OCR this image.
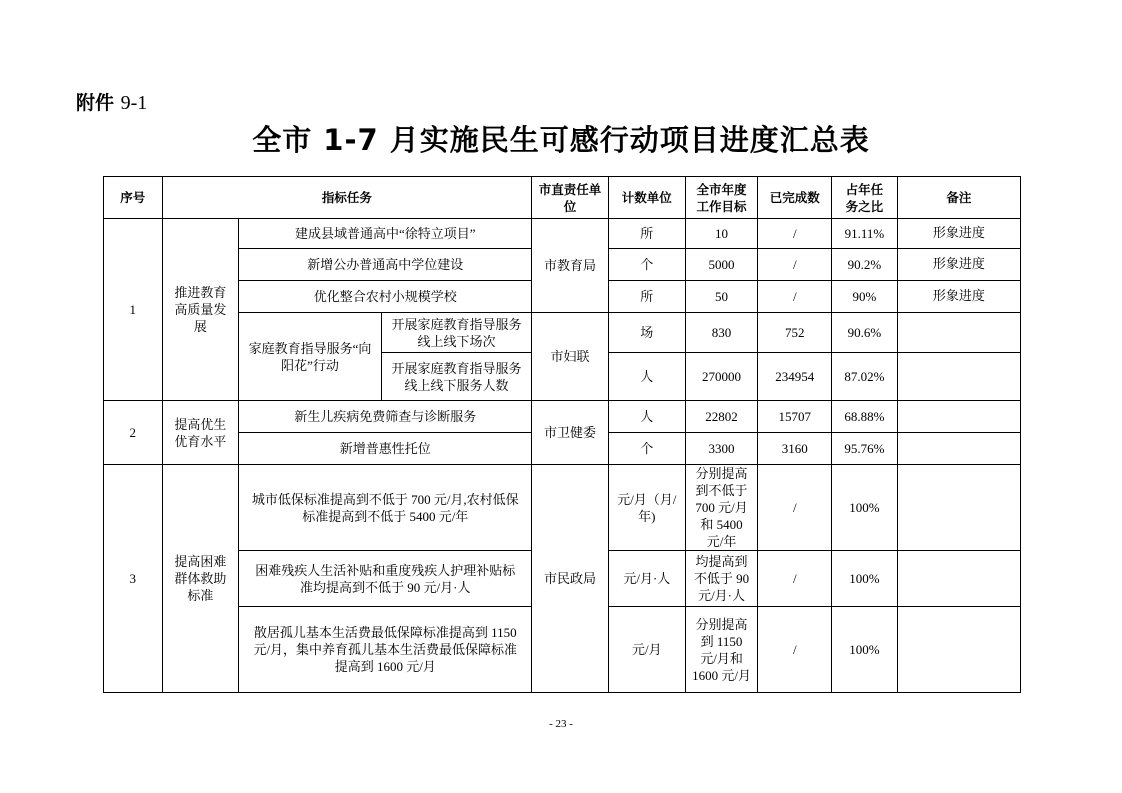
附件 9-1
全市 1-7 月实施民生可感行动项目进度汇总表
序号	指标任务			市直责任单位	计数单位	全市年度工作目标	已完成数	占年任务之比	备注
1	推进教育高质量发展	建成县域普通高中“徐特立项目”		市教育局	所	10	/	91.11%	形象进度
		新增公办普通高中学位建设			个	5000	/	90.2%	形象进度
		优化整合农村小规模学校			所	50	/	90%	形象进度
		家庭教育指导服务“向阳花”行动	开展家庭教育指导服务线上线下场次	市妇联	场	830	752	90.6%	
			开展家庭教育指导服务线上线下服务人数		人	270000	234954	87.02%	
2	提高优生优育水平	新生儿疾病免费筛查与诊断服务		市卫健委	人	22802	15707	68.88%	
		新增普惠性托位			个	3300	3160	95.76%	
3	提高困难群体救助标准	城市低保标准提高到不低于 700 元/月,农村低保标准提高到不低于 5400 元/年		市民政局	元/月（月/年)	分别提高到不低于700 元/月和 5400 元/年	/	100%	
		困难残疾人生活补贴和重度残疾人护理补贴标准均提高到不低于 90 元/月·人			元/月·人	均提高到不低于 90元/月·人	/	100%	
		散居孤儿基本生活费最低保障标准提高到 1150 元/月，集中养育孤儿基本生活费最低保障标准提高到 1600 元/月			元/月	分别提高到 1150 元/月和1600 元/月	/	100%	
- 23 -
